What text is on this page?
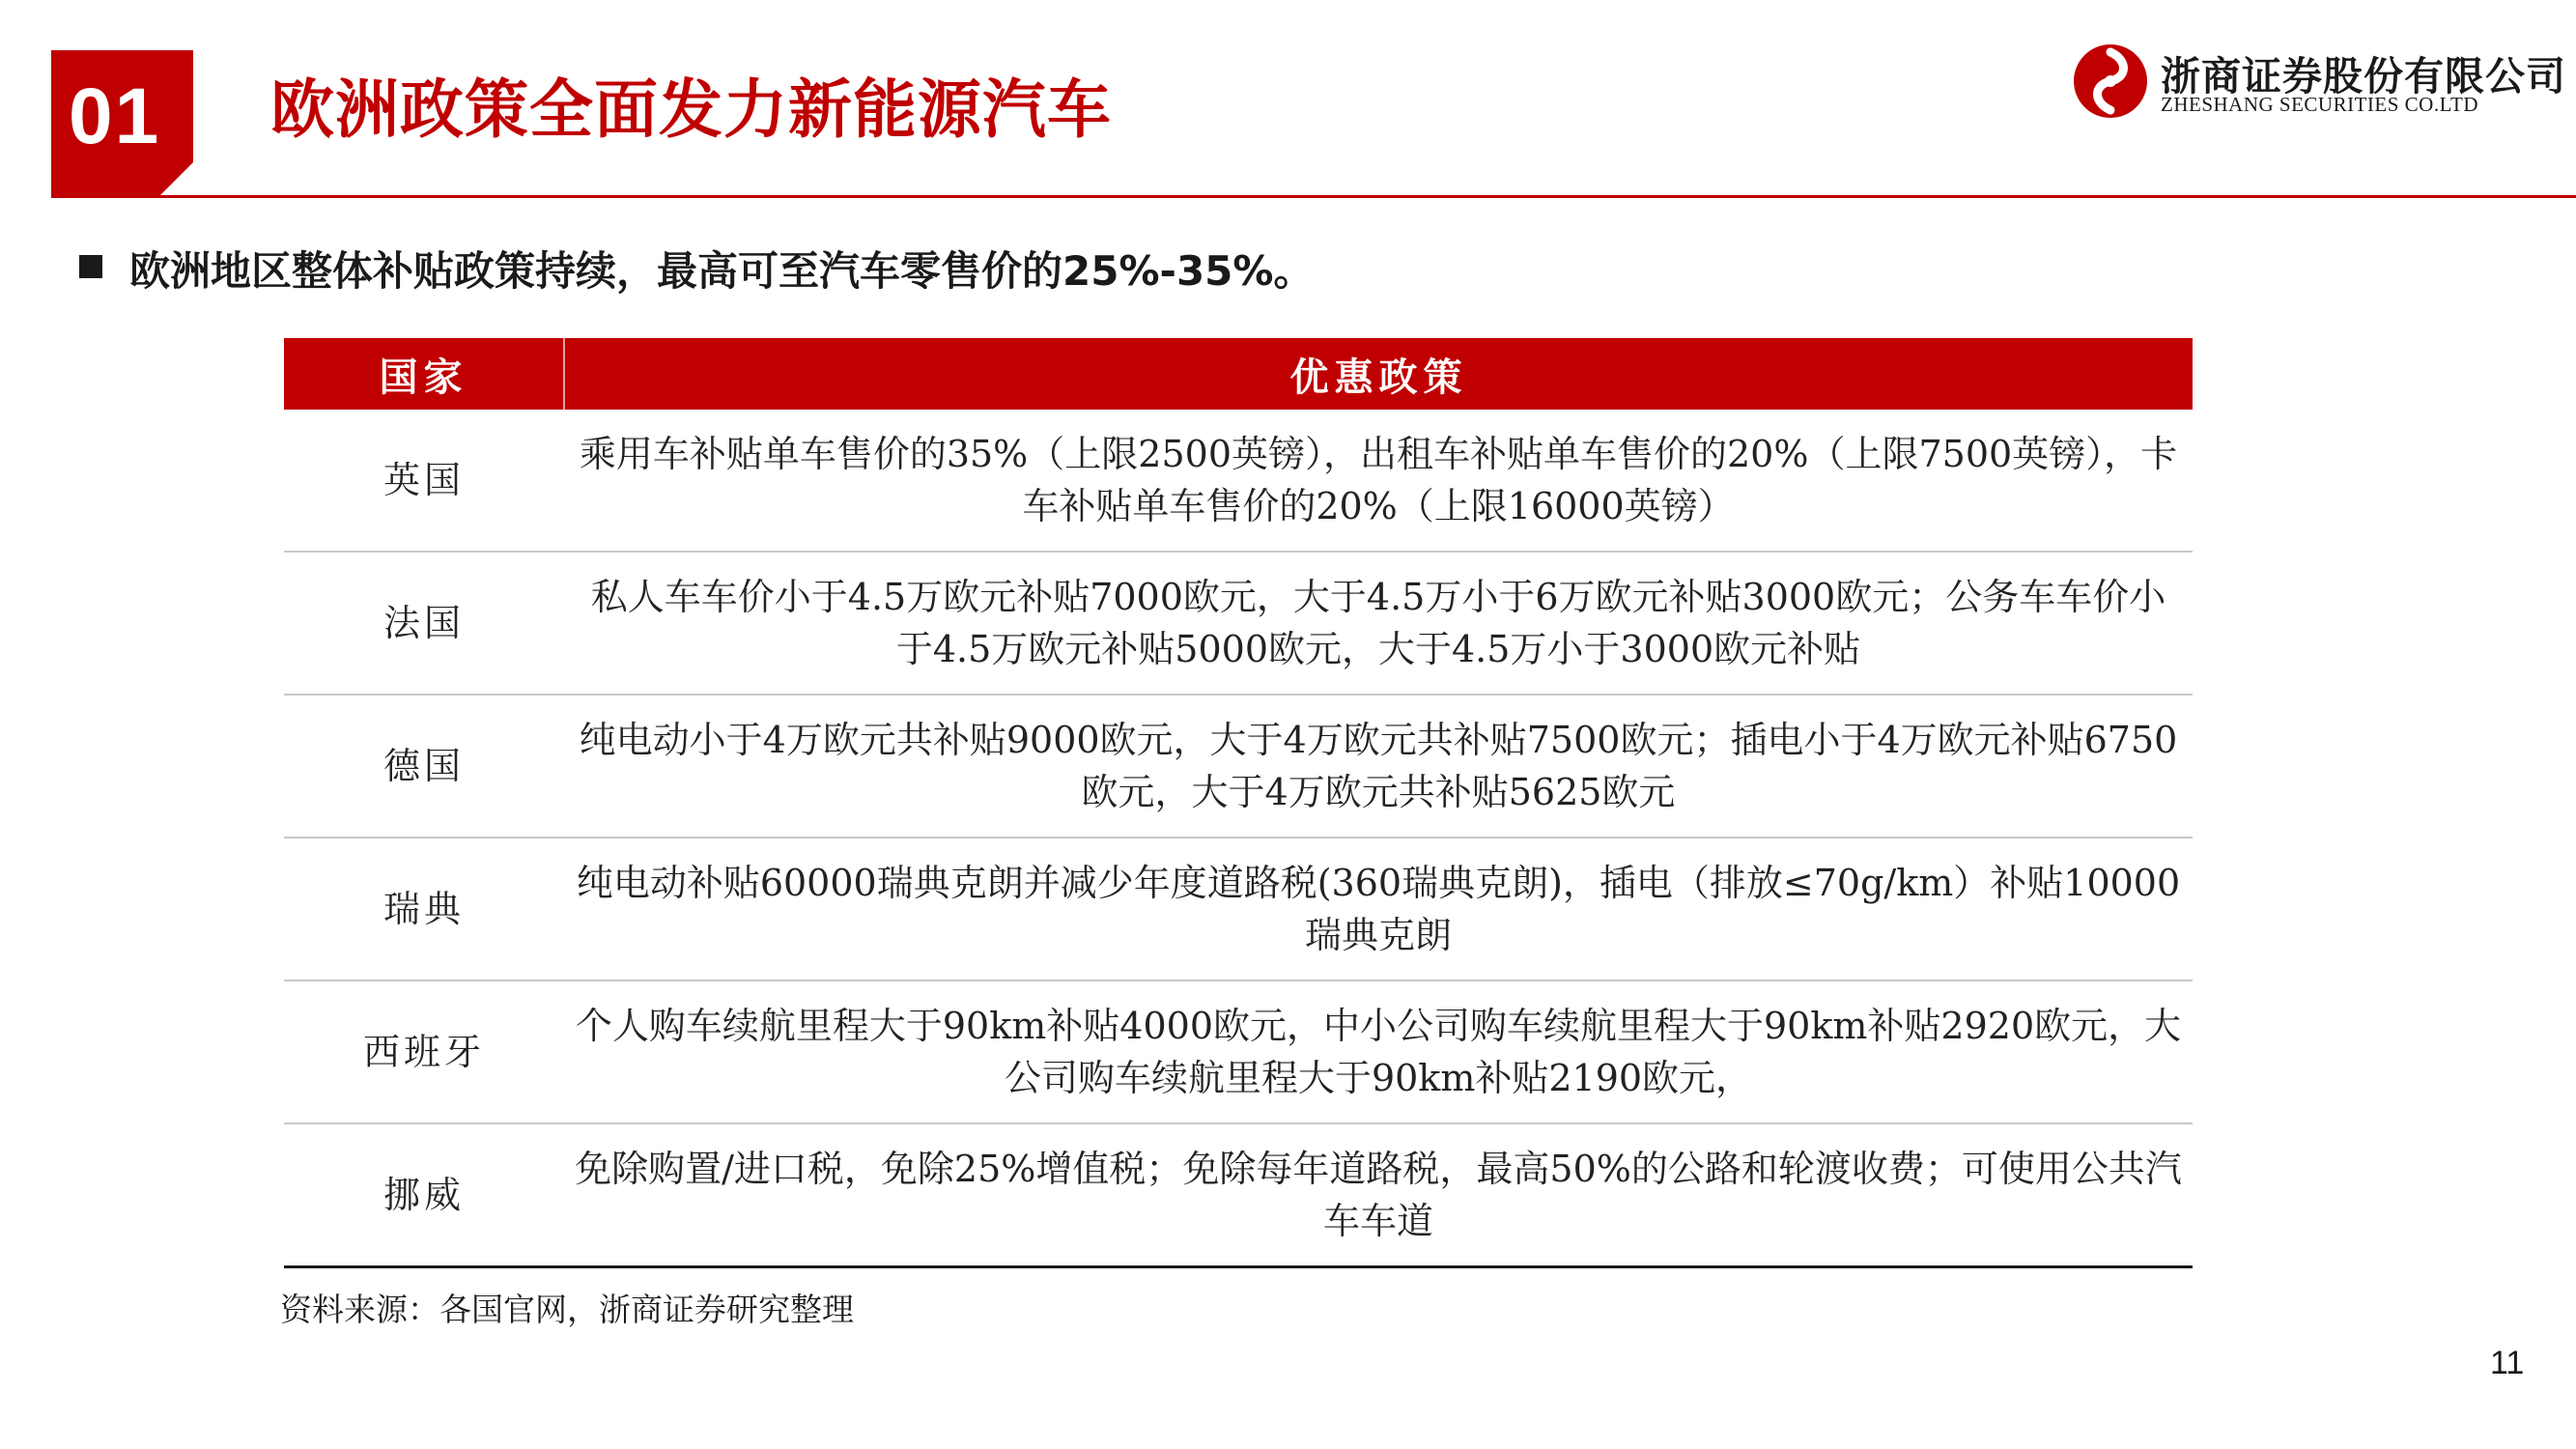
01 欧洲政策全面发力新能源汽车	浙商证券股份有限公司
ZHESHANG SECURITIES CO.LTD
欧洲地区整体补贴政策持续，最高可至汽车零售价的25%-35%。
国家	优惠政策
英国	乘用车补贴单车售价的35%（上限2500英镑），出租车补贴单车售价的20%（上限7500英镑），卡车补贴单车售价的20%（上限16000英镑）
法国	私人车车价小于4.5万欧元补贴7000欧元，大于4.5万小于6万欧元补贴3000欧元；公务车车价小于4.5万欧元补贴5000欧元，大于4.5万小于3000欧元补贴
德国	纯电动小于4万欧元共补贴9000欧元，大于4万欧元共补贴7500欧元；插电小于4万欧元补贴6750欧元，大于4万欧元共补贴5625欧元
瑞典	纯电动补贴60000瑞典克朗并减少年度道路税(360瑞典克朗)，插电（排放≤70g/km）补贴10000瑞典克朗
西班牙	个人购车续航里程大于90km补贴4000欧元，中小公司购车续航里程大于90km补贴2920欧元，大公司购车续航里程大于90km补贴2190欧元，
挪威	免除购置/进口税，免除25%增值税；免除每年道路税，最高50%的公路和轮渡收费；可使用公共汽车车道
资料来源：各国官网，浙商证券研究整理
11
